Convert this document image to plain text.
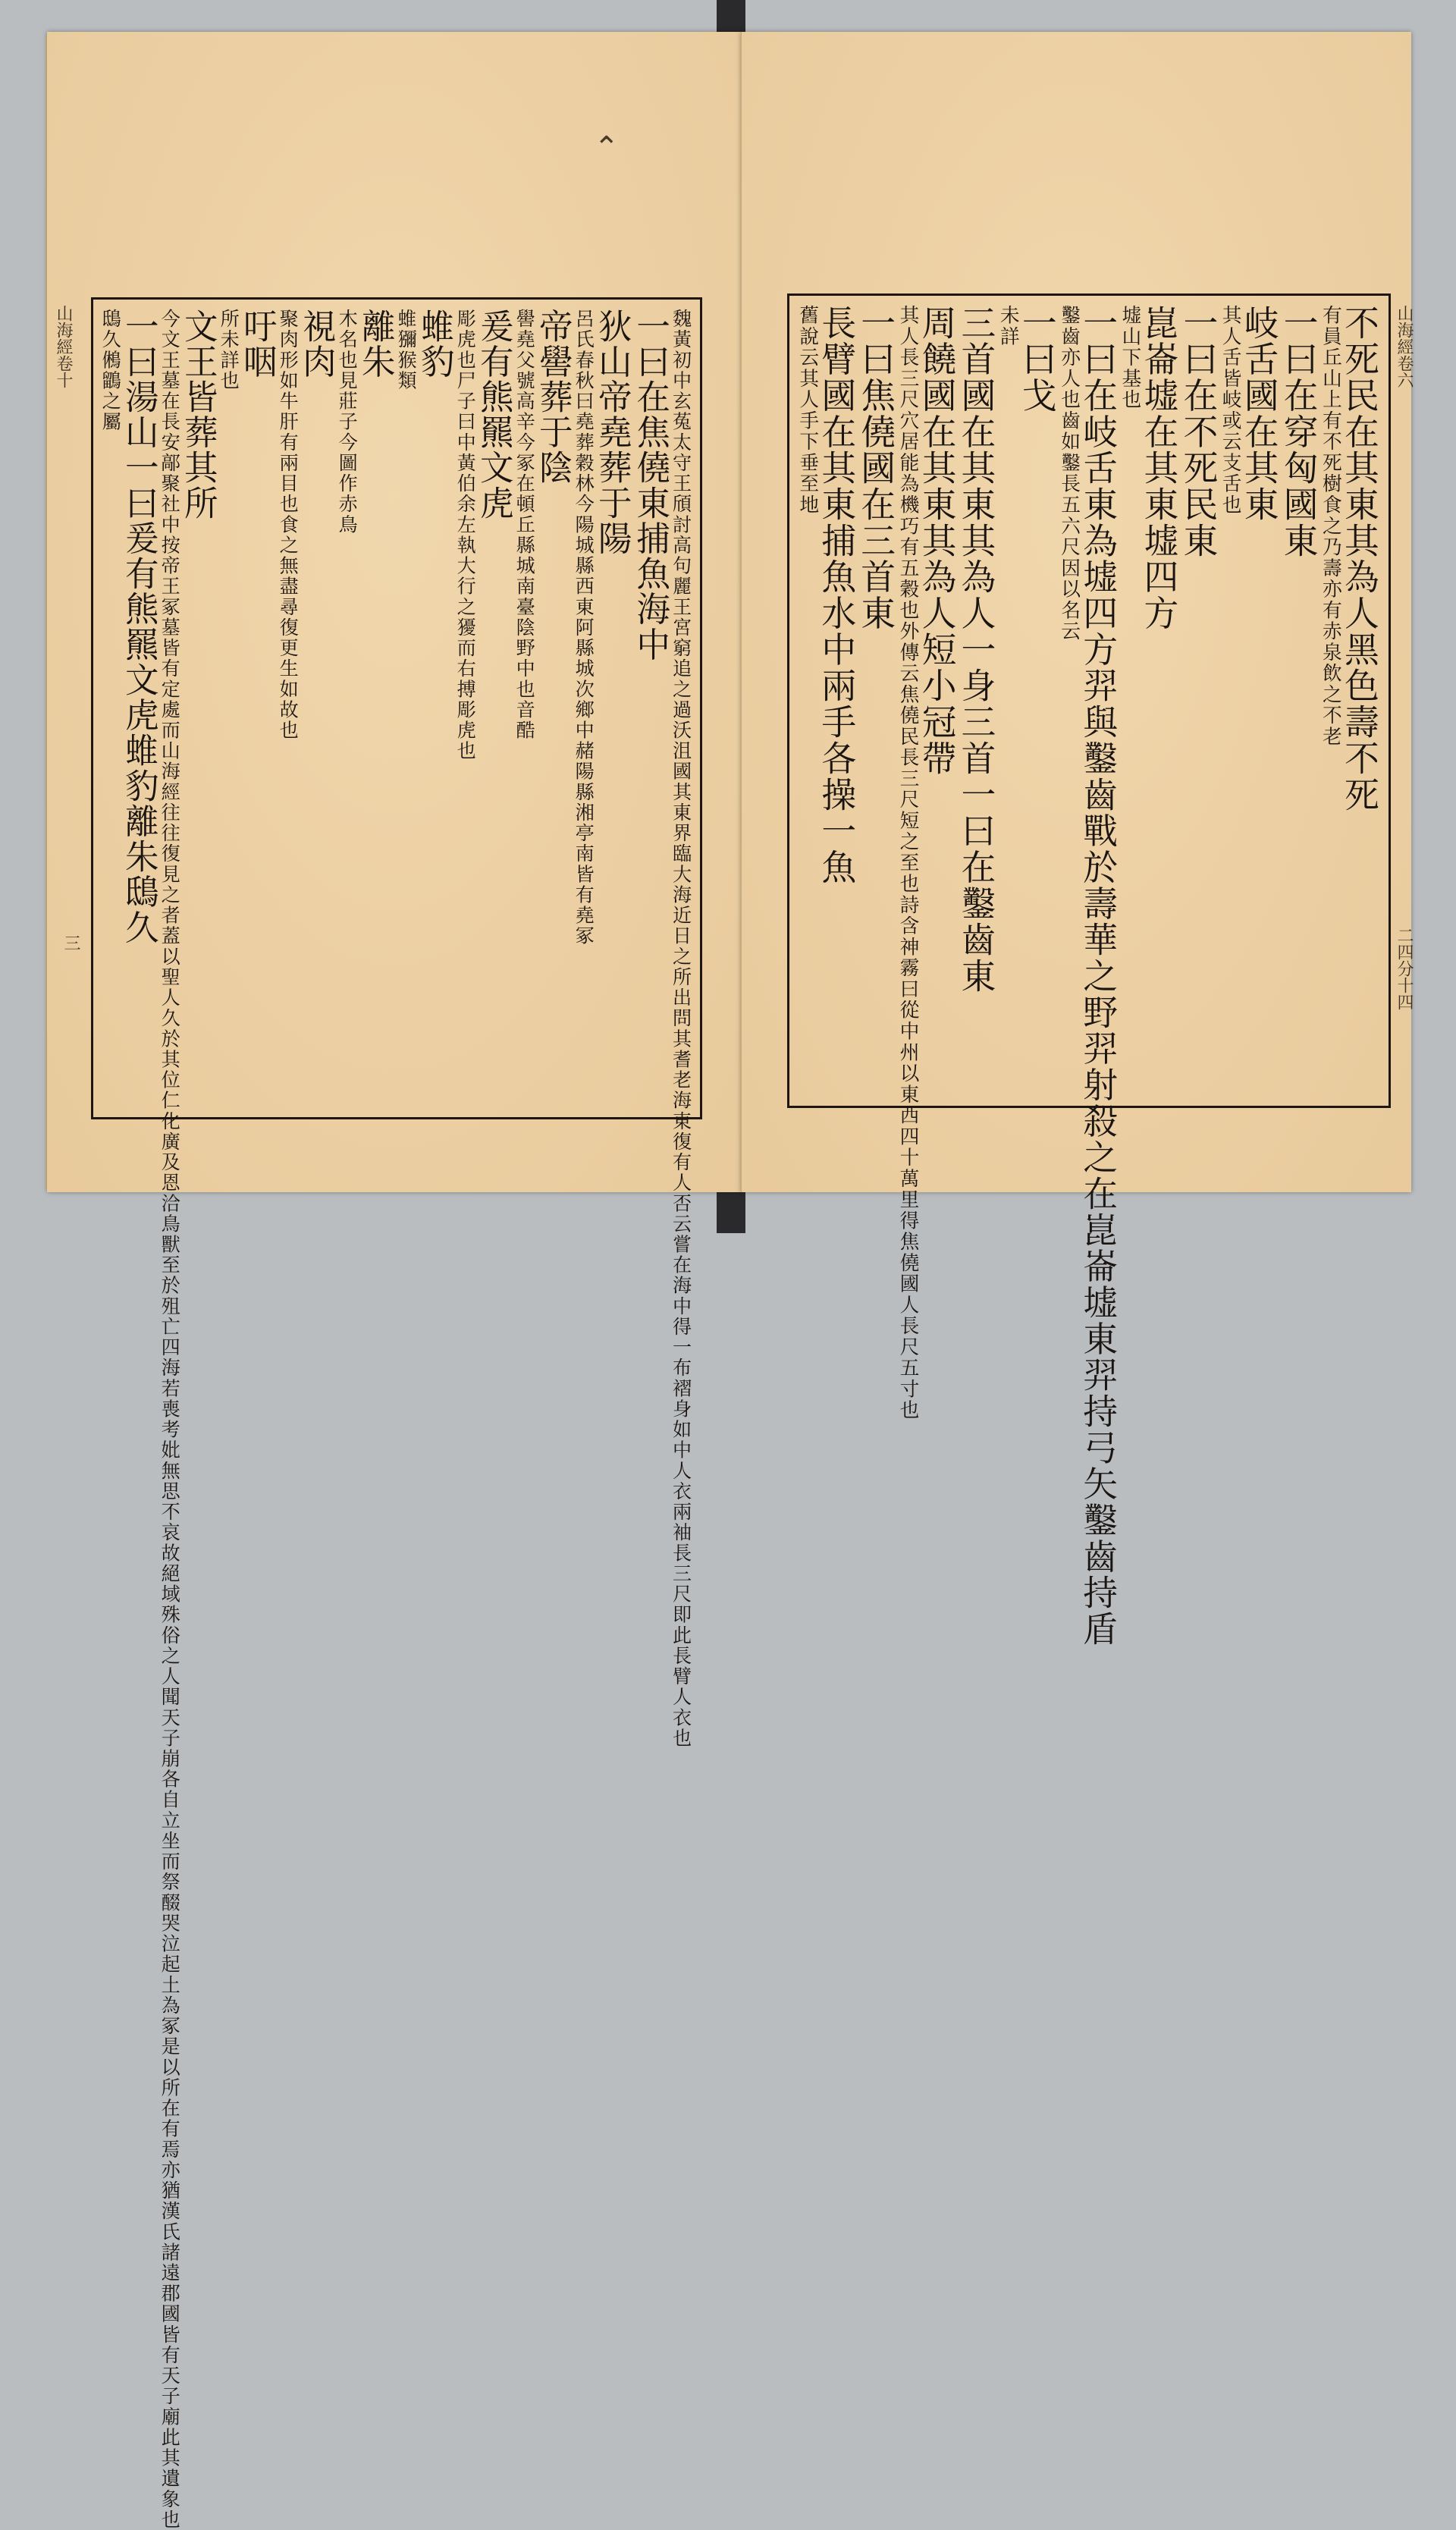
山海經卷十
三	魏黃初中玄菟太守王頎討高句麗王宮窮追之過沃沮國其東界臨大海近日之所出問其耆老海東復有人否云嘗在海中得一布褶身如中人衣兩袖長三尺即此長臂人衣也
一曰在焦僥東捕魚海中
狄山帝堯葬于陽
呂氏春秋曰堯葬穀林今陽城縣西東阿縣城次鄉中赭陽縣湘亭南皆有堯冢
帝嚳葬于陰
嚳堯父號高辛今冢在頓丘縣城南臺陰野中也音酷
爰有熊羆文虎
彫虎也尸子曰中黃伯余左執大行之獶而右搏彫虎也
蜼豹
蜼獼猴類
離朱
木名也見莊子今圖作赤鳥
視肉
聚肉形如牛肝有兩目也食之無盡尋復更生如故也
吁咽
所未詳也
文王皆葬其所
今文王墓在長安鄗聚社中按帝王冢墓皆有定處而山海經往往復見之者蓋以聖人久於其位仁化廣及恩洽鳥獸至於殂亡四海若喪考妣無思不哀故絕域殊俗之人聞天子崩各自立坐而祭醊哭泣起土為冢是以所在有焉亦猶漢氏諸遠郡國皆有天子廟此其遺象也
一曰湯山一曰爰有熊羆文虎蜼豹離朱鴟久
鴟久鵂鶹之屬
⌃
山海經卷六
二四分十四
不死民在其東其為人黑色壽不死
有員丘山上有不死樹食之乃壽亦有赤泉飲之不老
一曰在穿匈國東
岐舌國在其東
其人舌皆岐或云支舌也
一曰在不死民東
崑崙墟在其東墟四方
墟山下基也
一曰在岐舌東為墟四方羿與鑿齒戰於壽華之野羿射殺之在崑崙墟東羿持弓矢鑿齒持盾
鑿齒亦人也齒如鑿長五六尺因以名云
一曰戈
未詳
三首國在其東其為人一身三首一曰在鑿齒東
周饒國在其東其為人短小冠帶
其人長三尺穴居能為機巧有五穀也外傳云焦僥民長三尺短之至也詩含神霧曰從中州以東西四十萬里得焦僥國人長尺五寸也
一曰焦僥國在三首東
長臂國在其東捕魚水中兩手各操一魚
舊說云其人手下垂至地
